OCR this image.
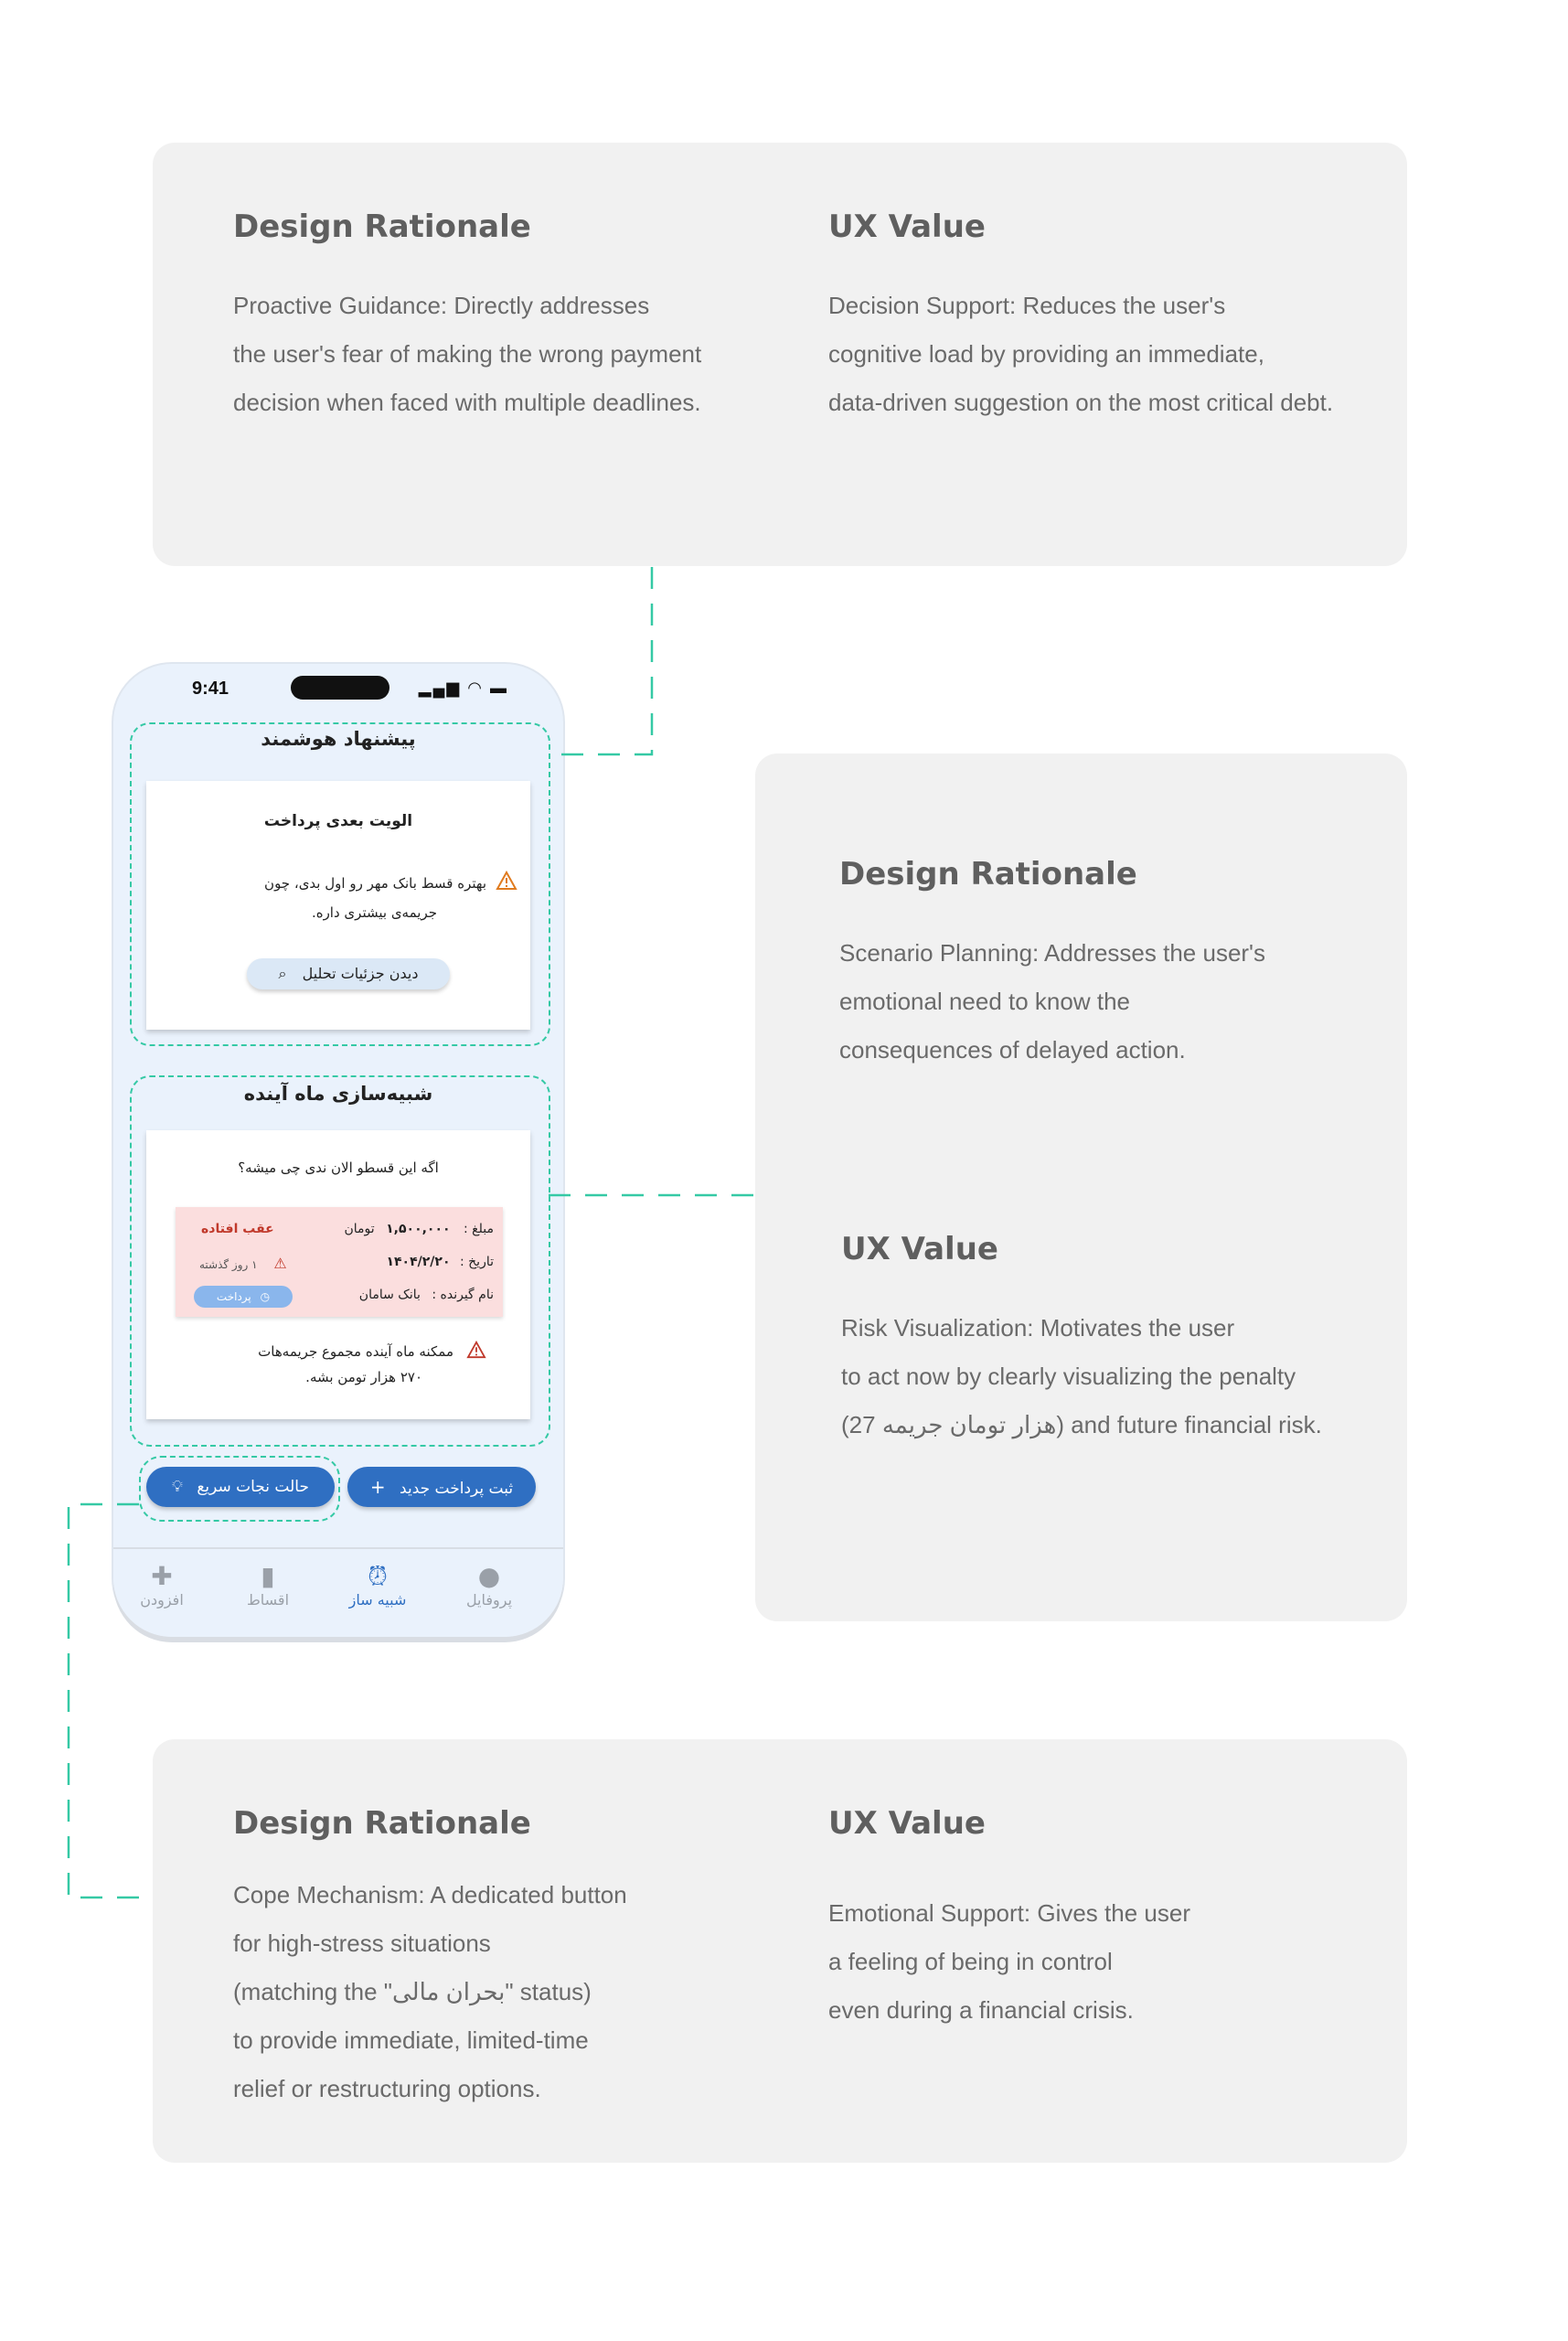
Design Rationale
Proactive Guidance: Directly addresses
the user's fear of making the wrong payment
decision when faced with multiple deadlines.
UX Value
Decision Support: Reduces the user's
cognitive load by providing an immediate,
data-driven suggestion on the most critical debt.
Design Rationale
Scenario Planning: Addresses the user's
emotional need to know the
consequences of delayed action.
UX Value
Risk Visualization: Motivates the user
to act now by clearly visualizing the penalty
(27 هزار تومان جریمه) and future financial risk.
Design Rationale
Cope Mechanism: A dedicated button
for high-stress situations
(matching the "بحران مالی" status)
to provide immediate, limited-time
relief or restructuring options.
UX Value
Emotional Support: Gives the user
a feeling of being in control
even during a financial crisis.
9:41	▂▄▆ ◠ ▬
پیشنهاد هوشمند
الویت بعدی پرداخت
بهتره قسط بانک مهر رو اول بدی، چون
جریمه‌ی بیشتری داره.
دیدن جزئیات تحلیل ⌕
شبیه‌سازی ماه آینده
اگه این قسطو الان ندی چی میشه؟
مبلغ : ۱,۵۰۰,۰۰۰ تومان
تاریخ : ۱۴۰۴/۲/۲۰
نام گیرنده : بانک سامان
عقب افتاده
⚠ ۱ روز گذشته
◷ پرداخت
ممکنه ماه آینده مجموع جریمه‌هات
۲۷۰ هزار تومن بشه.
ثبت پرداخت جدید +
حالت نجات سریع 💡︎
●
پروفایل
⏰︎
شبیه ساز
▮
اقساط
✚
افزودن
